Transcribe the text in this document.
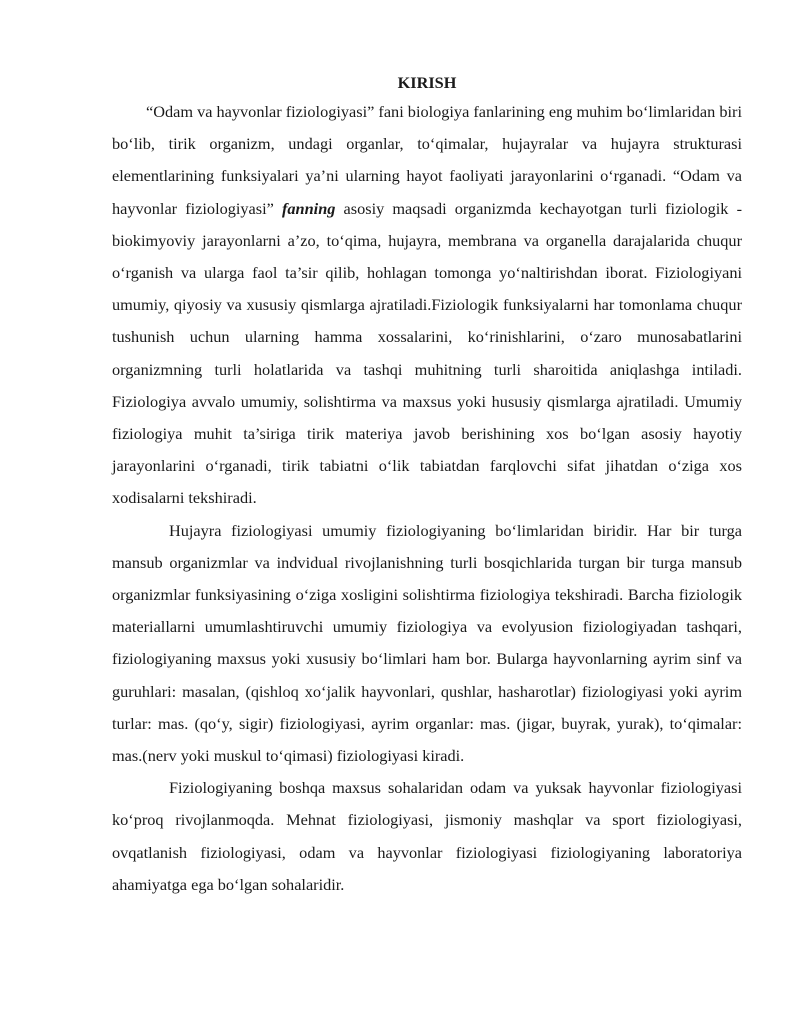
KIRISH

“Odam va hayvonlar fiziologiyasi” fani biologiya fanlarining eng muhim bo‘limlaridan biri bo‘lib, tirik organizm, undagi organlar, to‘qimalar, hujayralar va hujayra strukturasi elementlarining funksiyalari ya’ni ularning hayot faoliyati jarayonlarini o‘rganadi. “Odam va hayvonlar fiziologiyasi” fanning asosiy maqsadi organizmda kechayotgan turli fiziologik - biokimyoviy jarayonlarni a’zo, to‘qima, hujayra, membrana va organella darajalarida chuqur o‘rganish va ularga faol ta’sir qilib, hohlagan tomonga yo‘naltirishdan iborat. Fiziologiyani umumiy, qiyosiy va xususiy qismlarga ajratiladi.Fiziologik funksiyalarni har tomonlama chuqur tushunish uchun ularning hamma xossalarini, ko‘rinishlarini, o‘zaro munosabatlarini organizmning turli holatlarida va tashqi muhitning turli sharoitida aniqlashga intiladi. Fiziologiya avvalo umumiy, solishtirma va maxsus yoki hususiy qismlarga ajratiladi. Umumiy fiziologiya muhit ta’siriga tirik materiya javob berishining xos bo‘lgan asosiy hayotiy jarayonlarini o‘rganadi, tirik tabiatni o‘lik tabiatdan farqlovchi sifat jihatdan o‘ziga xos xodisalarni tekshiradi.

Hujayra fiziologiyasi umumiy fiziologiyaning bo‘limlaridan biridir. Har bir turga mansub organizmlar va indvidual rivojlanishning turli bosqichlarida turgan bir turga mansub organizmlar funksiyasining o‘ziga xosligini solishtirma fiziologiya tekshiradi. Barcha fiziologik materiallarni umumlashtiruvchi umumiy fiziologiya va evolyusion fiziologiyadan tashqari, fiziologiyaning maxsus yoki xususiy bo‘limlari ham bor. Bularga hayvonlarning ayrim sinf va guruhlari: masalan, (qishloq xo‘jalik hayvonlari, qushlar, hasharotlar) fiziologiyasi yoki ayrim turlar: mas. (qo‘y, sigir) fiziologiyasi, ayrim organlar: mas. (jigar, buyrak, yurak), to‘qimalar: mas.(nerv yoki muskul to‘qimasi) fiziologiyasi kiradi.

Fiziologiyaning boshqa maxsus sohalaridan odam va yuksak hayvonlar fiziologiyasi ko‘proq rivojlanmoqda. Mehnat fiziologiyasi, jismoniy mashqlar va sport fiziologiyasi, ovqatlanish fiziologiyasi, odam va hayvonlar fiziologiyasi fiziologiyaning laboratoriya ahamiyatga ega bo‘lgan sohalaridir.
